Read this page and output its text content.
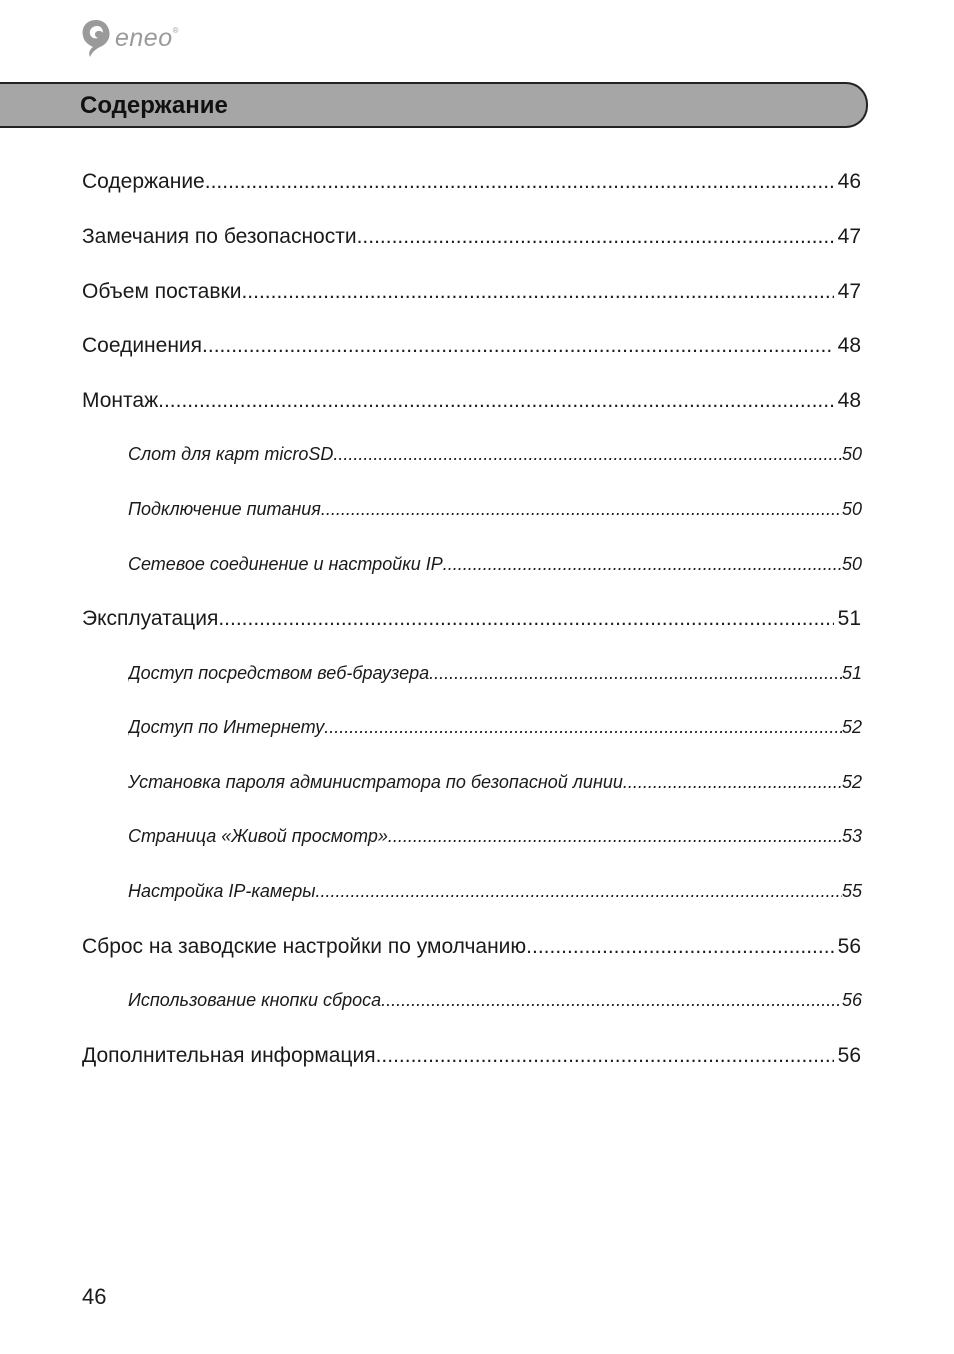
eneo ®
Содержание
Содержание .....	46
Замечания по безопасности .....	47
Объем поставки .....	47
Соединения .....	48
Монтаж .....	48
Слот для карт microSD .....	50
Подключение питания .....	50
Сетевое соединение и настройки IP .....	50
Эксплуатация .....	51
Доступ посредством веб-браузера .....	51
Доступ по Интернету .....	52
Установка пароля администратора по безопасной линии. .....	52
Страница «Живой просмотр» .....	53
Настройка IP-камеры .....	55
Сброс на заводские настройки по умолчанию. .....	56
Использование кнопки сброса .....	56
Дополнительная информация .....	56
46
